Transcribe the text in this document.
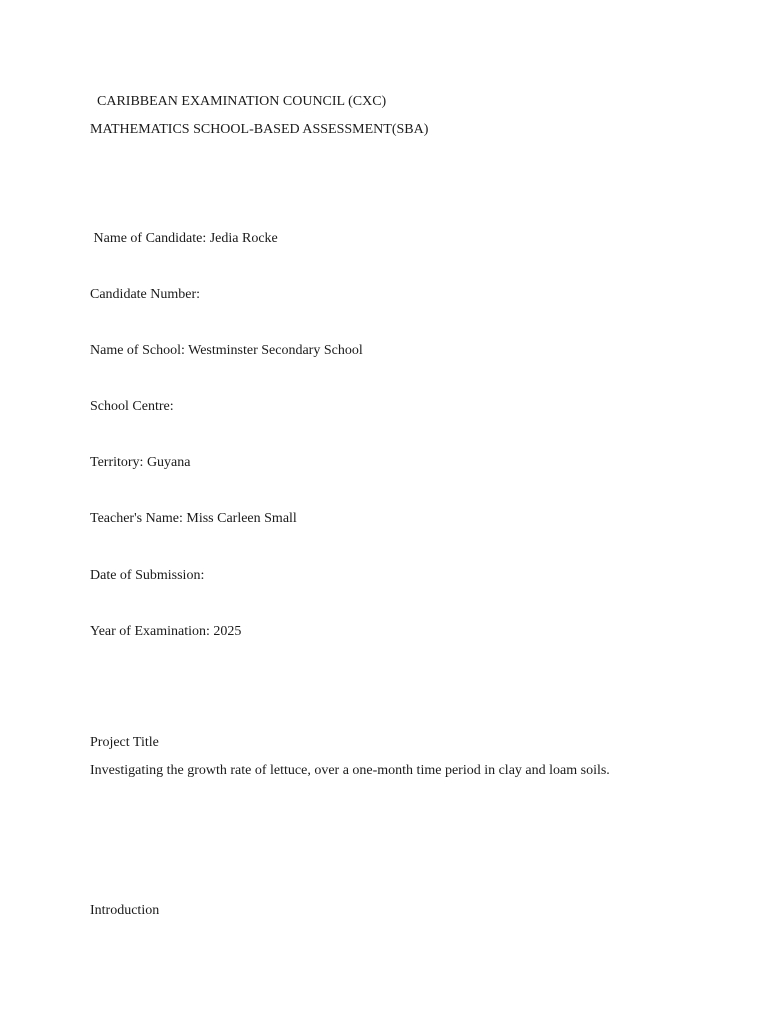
CARIBBEAN EXAMINATION COUNCIL (CXC)
MATHEMATICS SCHOOL-BASED ASSESSMENT(SBA)
Name of Candidate: Jedia Rocke
Candidate Number:
Name of School: Westminster Secondary School
School Centre:
Territory: Guyana
Teacher's Name: Miss Carleen Small
Date of Submission:
Year of Examination: 2025
Project Title
Investigating the growth rate of lettuce, over a one-month time period in clay and loam soils.
Introduction
